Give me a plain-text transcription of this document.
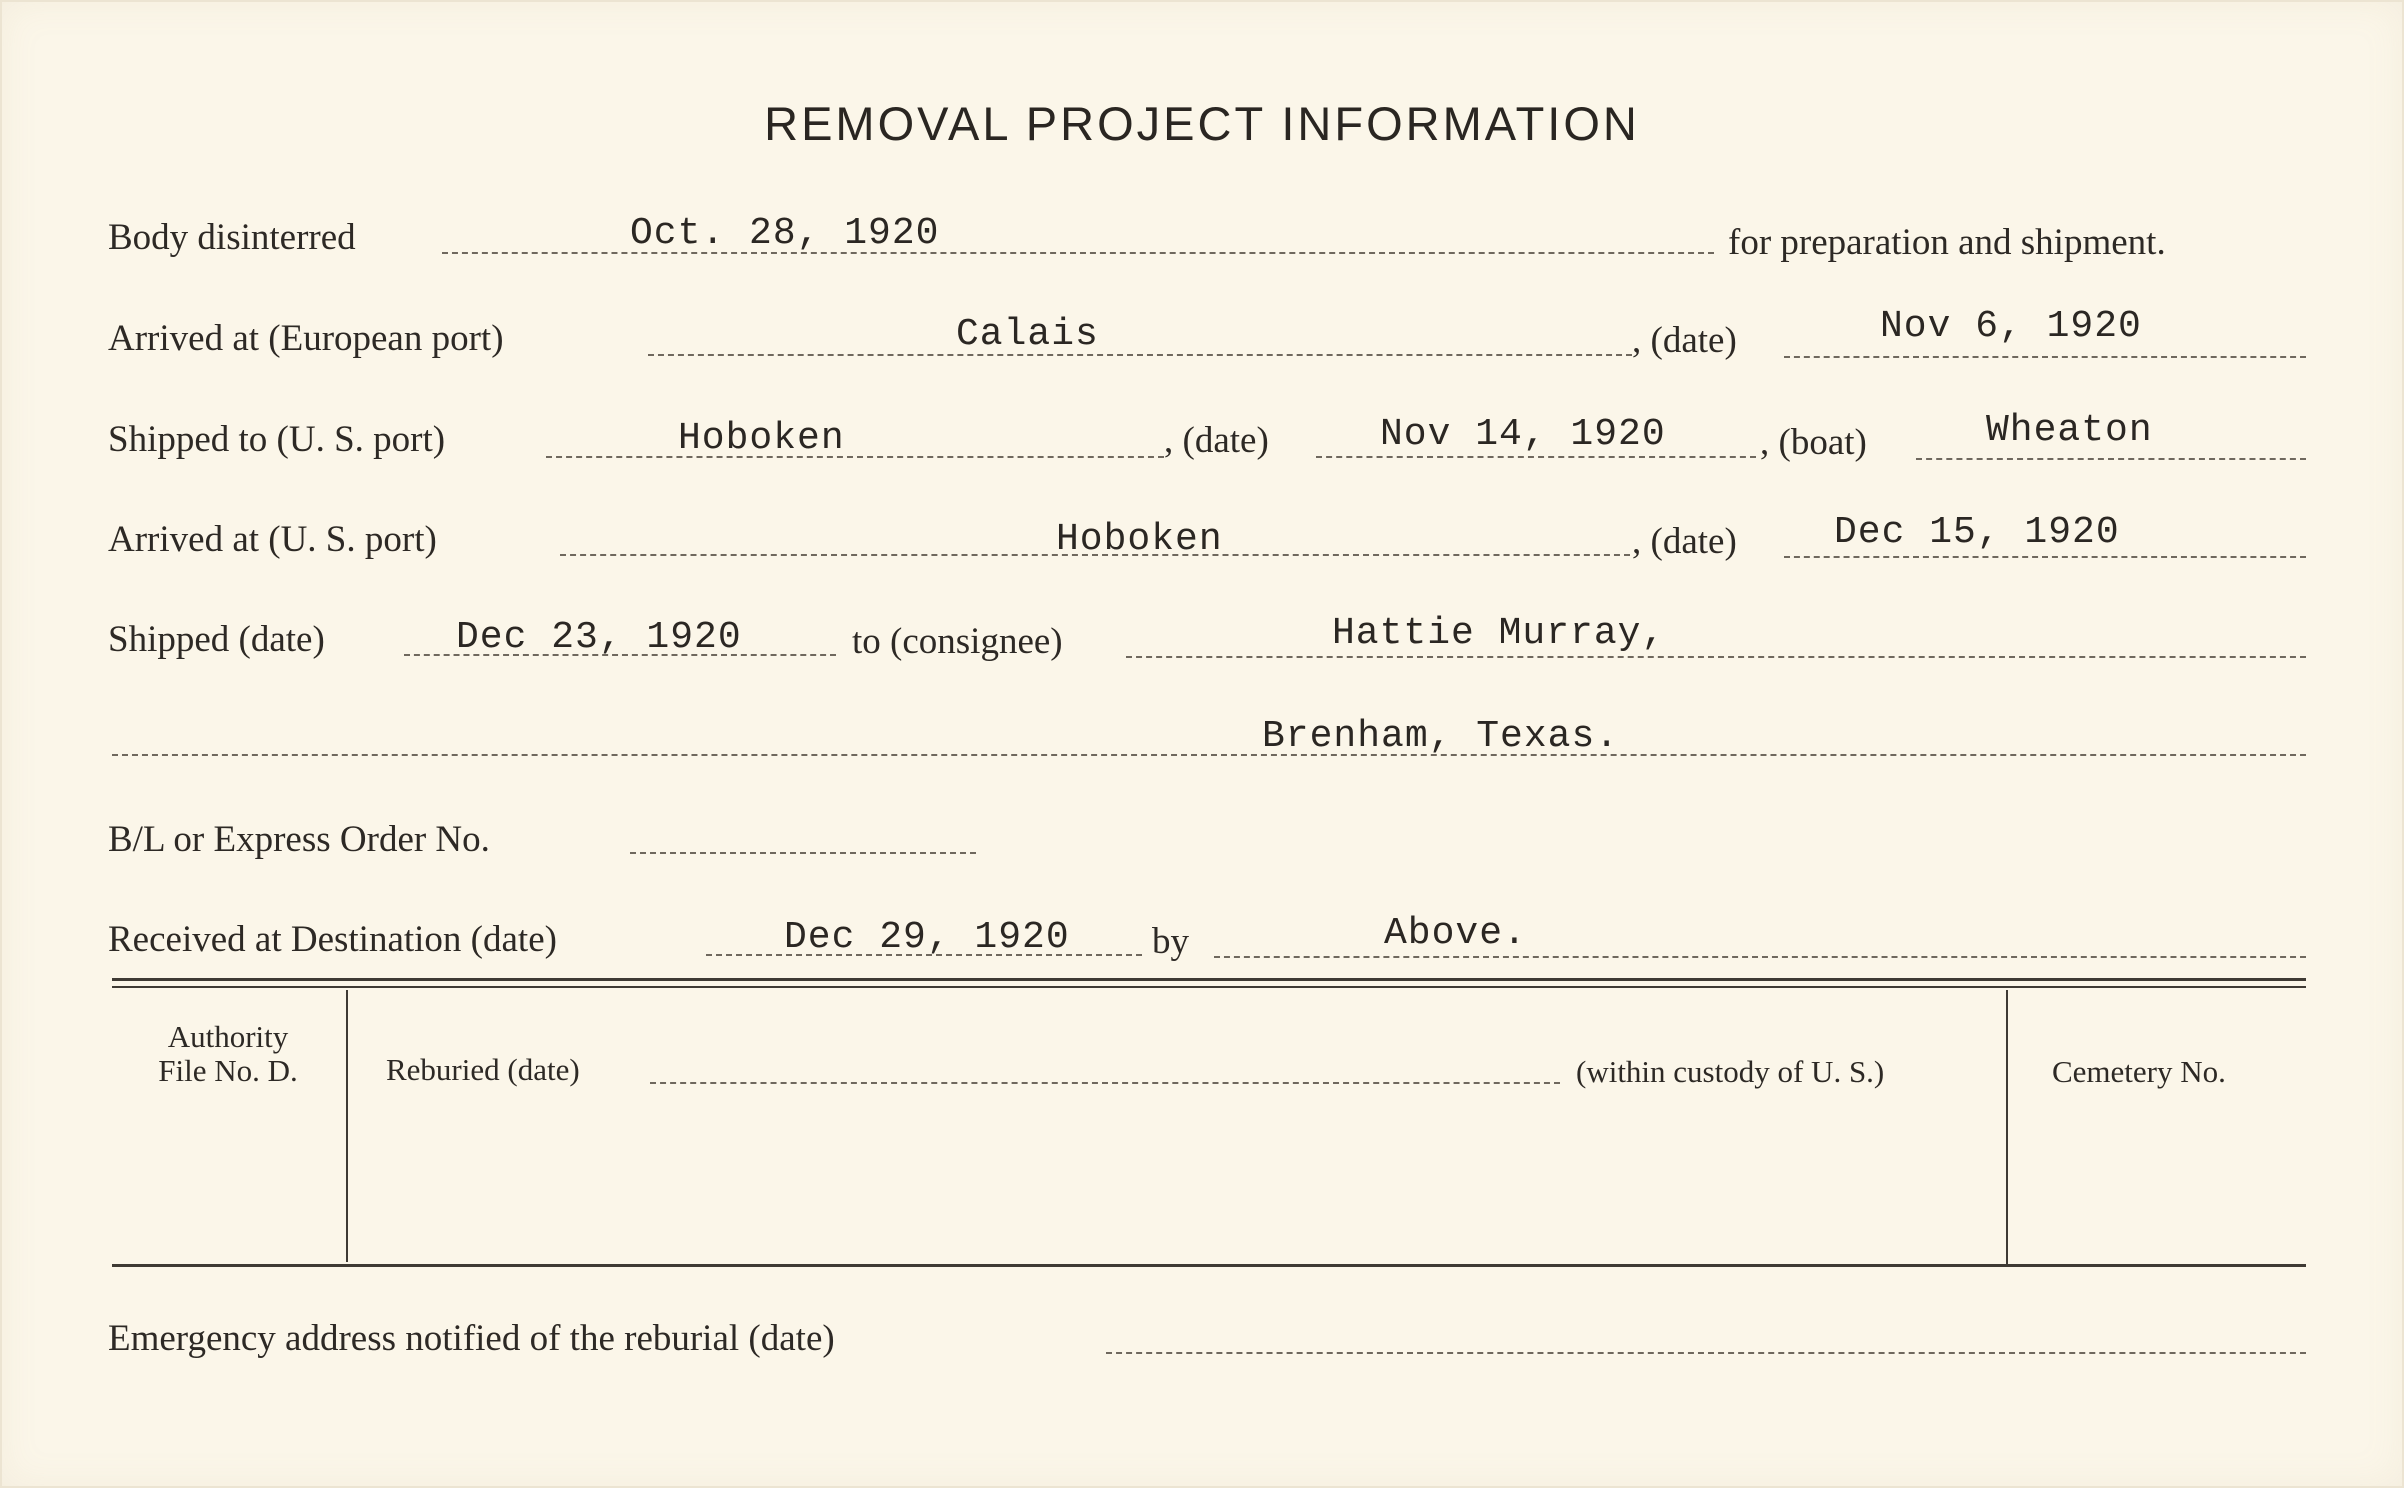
REMOVAL PROJECT INFORMATION
Body disinterred	Oct. 28, 1920	for preparation and shipment.
Arrived at (European port)	Calais	, (date)	Nov 6, 1920
Shipped to (U. S. port)	Hoboken	, (date)	Nov 14, 1920	, (boat)	Wheaton
Arrived at (U. S. port)	Hoboken	, (date)	Dec 15, 1920
Shipped (date)	Dec 23, 1920	to (consignee)	Hattie Murray,
Brenham, Texas.
B/L or Express Order No.
Received at Destination (date)	Dec 29, 1920 by	Above.
Authority
File No. D.	Reburied (date)	(within custody of U. S.)	Cemetery No.
Emergency address notified of the reburial (date)
